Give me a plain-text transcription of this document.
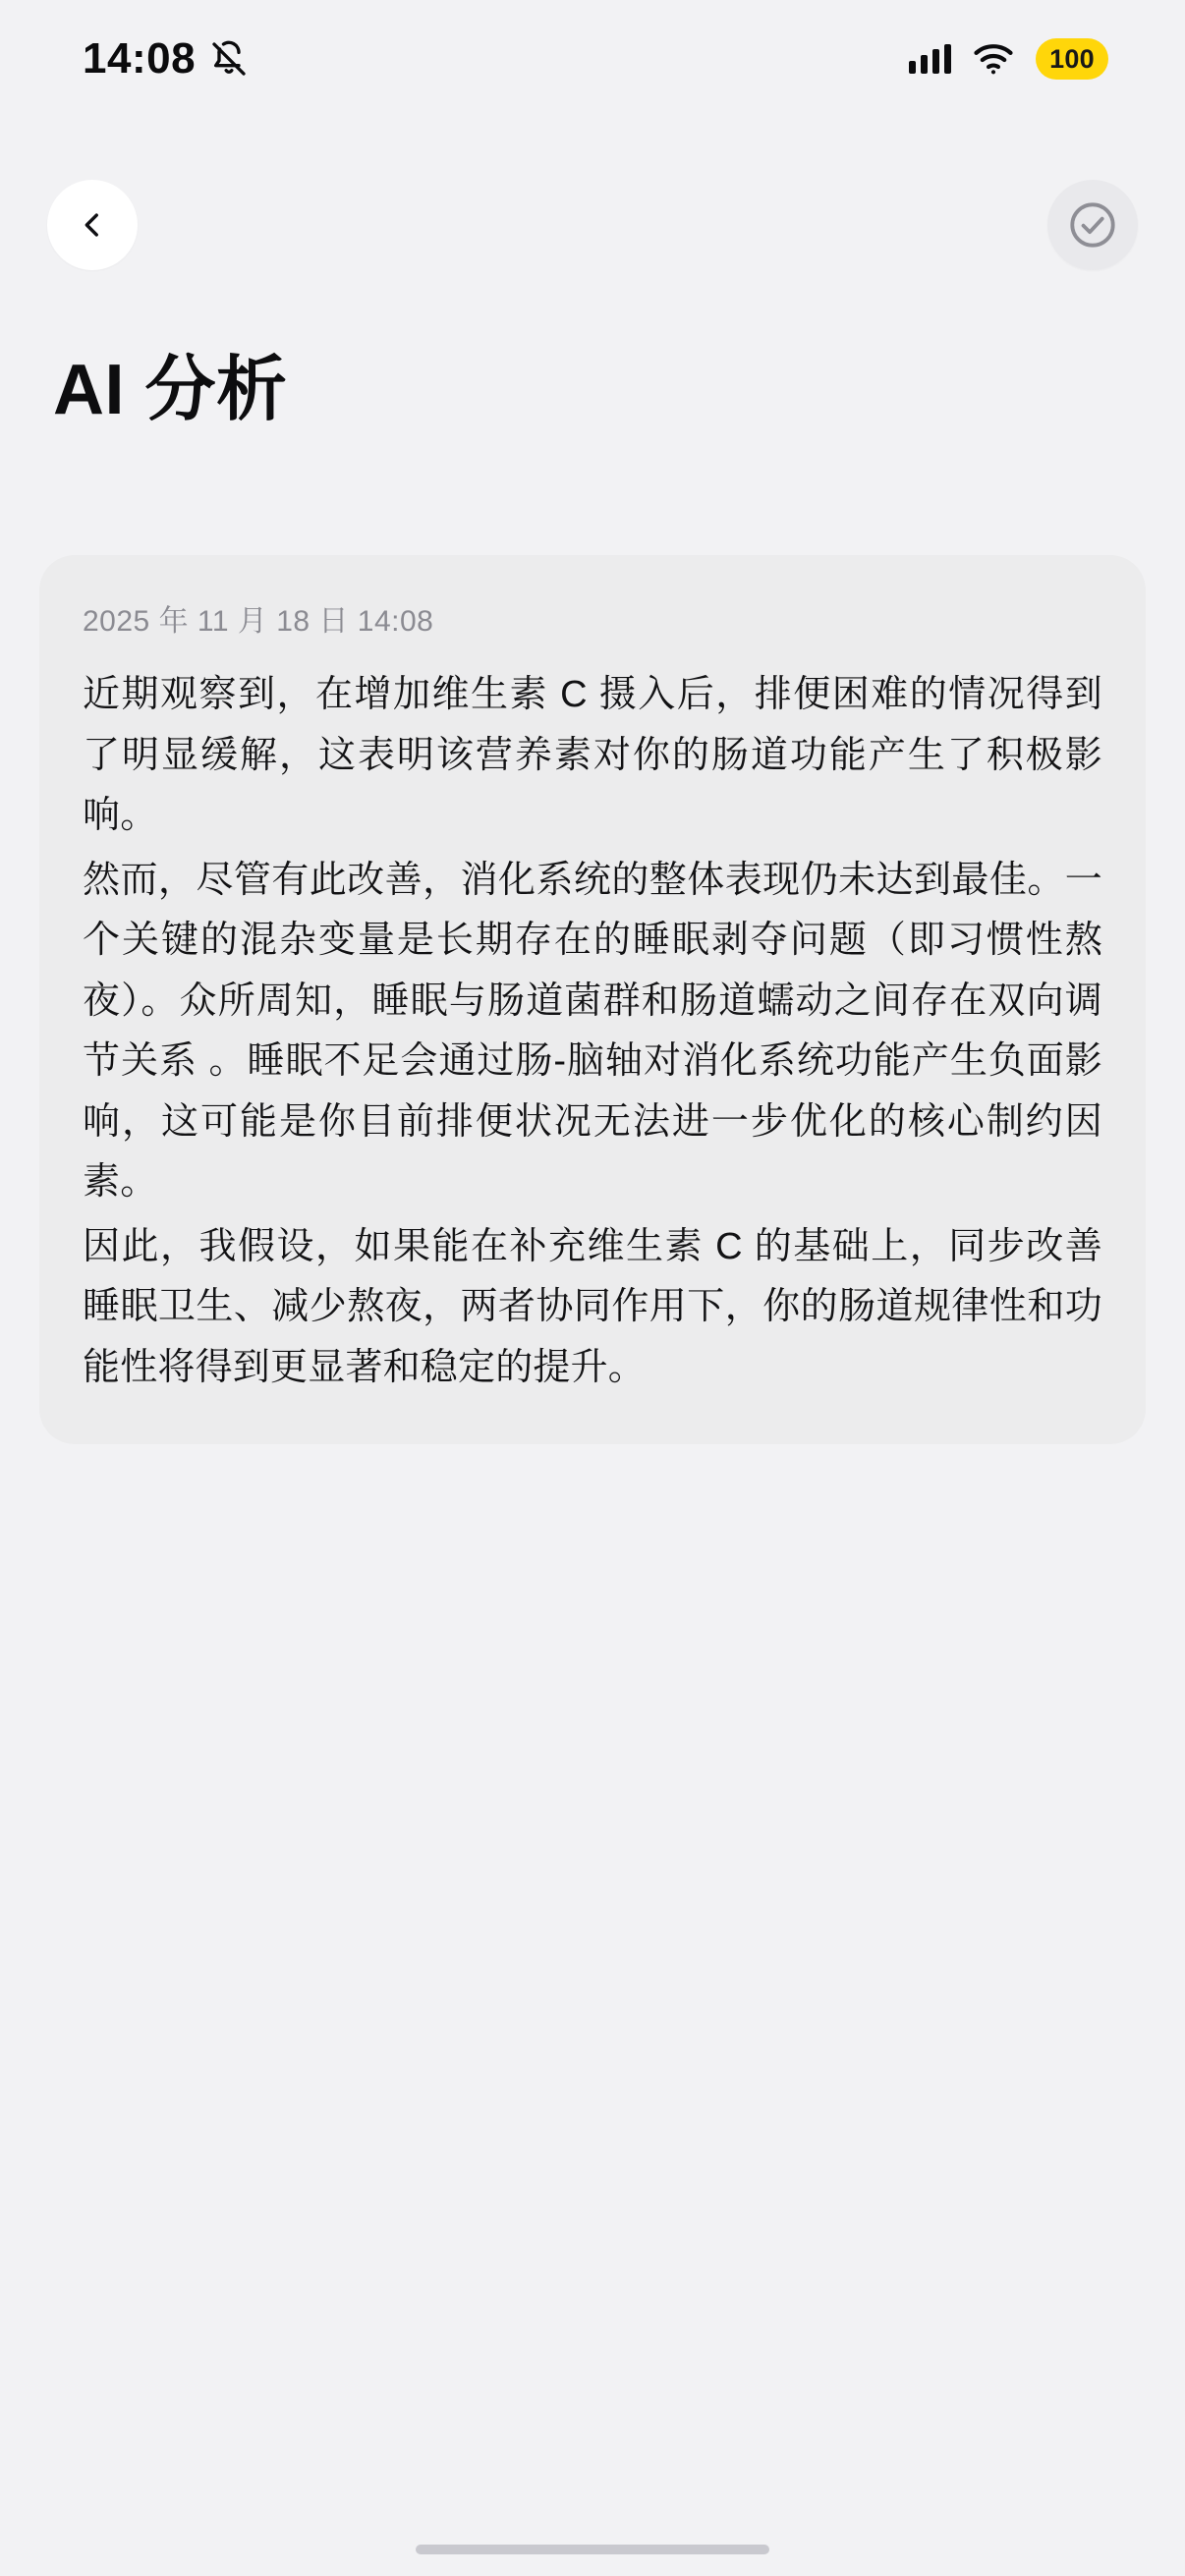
14:08	100
AI 分析
2025 年 11 月 18 日 14:08

近期观察到，在增加维生素 C 摄入后，排便困难的情况得到了明显缓解，这表明该营养素对你的肠道功能产生了积极影响。

然而，尽管有此改善，消化系统的整体表现仍未达到最佳。一个关键的混杂变量是长期存在的睡眠剥夺问题（即习惯性熬夜）。众所周知，睡眠与肠道菌群和肠道蠕动之间存在双向调节关系 。睡眠不足会通过肠-脑轴对消化系统功能产生负面影响，这可能是你目前排便状况无法进一步优化的核心制约因素。

因此，我假设，如果能在补充维生素 C 的基础上，同步改善睡眠卫生、减少熬夜，两者协同作用下，你的肠道规律性和功能性将得到更显著和稳定的提升。
